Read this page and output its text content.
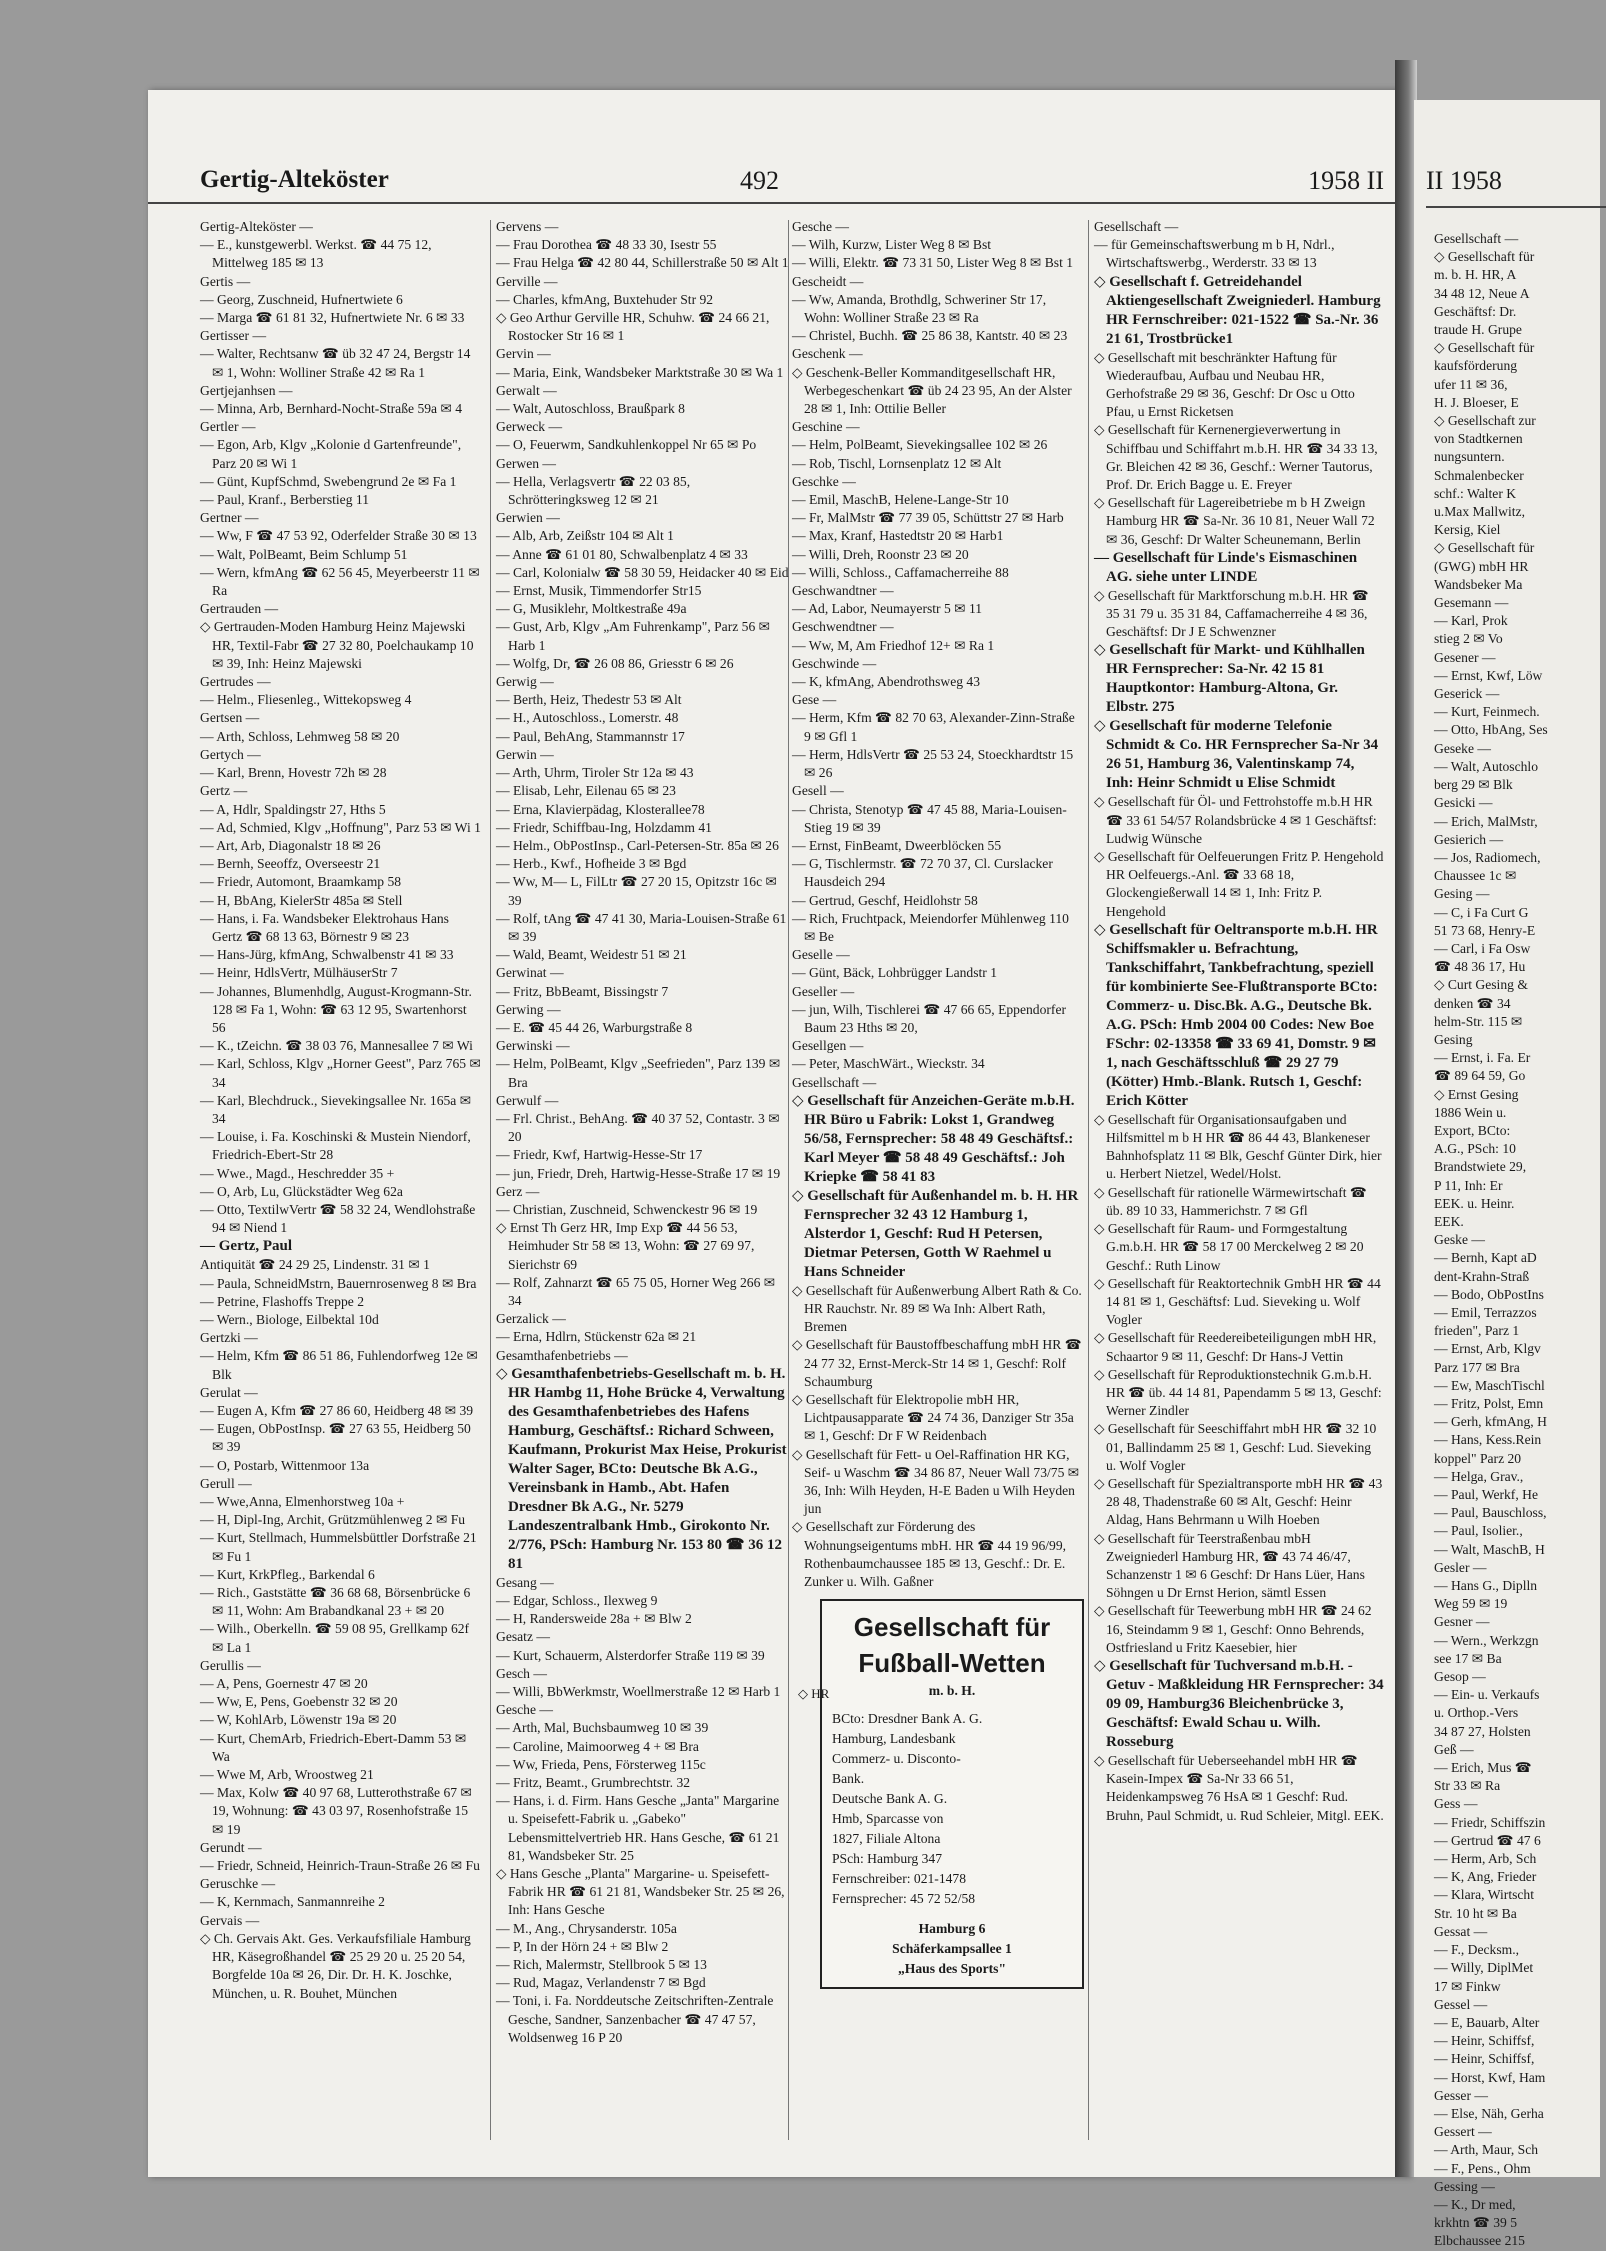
Gertig-Alteköster	492	1958 II

Gertig-Alteköster —

— E., kunstgewerbl. Werkst. ☎ 44 75 12, Mittelweg 185 ✉ 13

Gertis —

— Georg, Zuschneid, Hufnertwiete 6

— Marga ☎ 61 81 32, Hufnertwiete Nr. 6 ✉ 33

Gertisser —

— Walter, Rechtsanw ☎ üb 32 47 24, Bergstr 14 ✉ 1, Wohn: Wolliner Straße 42 ✉ Ra 1

Gertjejanhsen —

— Minna, Arb, Bernhard-Nocht-Straße 59a ✉ 4

Gertler —

— Egon, Arb, Klgv „Kolonie d Gartenfreunde", Parz 20 ✉ Wi 1

— Günt, KupfSchmd, Swebengrund 2e ✉ Fa 1

— Paul, Kranf., Berberstieg 11

Gertner —

— Ww, F ☎ 47 53 92, Oderfelder Straße 30 ✉ 13

— Walt, PolBeamt, Beim Schlump 51

— Wern, kfmAng ☎ 62 56 45, Meyerbeerstr 11 ✉ Ra

Gertrauden —

◇ Gertrauden-Moden Hamburg Heinz Majewski HR, Textil-Fabr ☎ 27 32 80, Poelchaukamp 10 ✉ 39, Inh: Heinz Majewski

Gertrudes —

— Helm., Fliesenleg., Wittekopsweg 4

Gertsen —

— Arth, Schloss, Lehmweg 58 ✉ 20

Gertych —

— Karl, Brenn, Hovestr 72h ✉ 28

Gertz —

— A, Hdlr, Spaldingstr 27, Hths 5

— Ad, Schmied, Klgv „Hoffnung", Parz 53 ✉ Wi 1

— Art, Arb, Diagonalstr 18 ✉ 26

— Bernh, Seeoffz, Overseestr 21

— Friedr, Automont, Braamkamp 58

— H, BbAng, KielerStr 485a ✉ Stell

— Hans, i. Fa. Wandsbeker Elektrohaus Hans Gertz ☎ 68 13 63, Börnestr 9 ✉ 23

— Hans-Jürg, kfmAng, Schwalbenstr 41 ✉ 33

— Heinr, HdlsVertr, MülhäuserStr 7

— Johannes, Blumenhdlg, August-Krogmann-Str. 128 ✉ Fa 1, Wohn: ☎ 63 12 95, Swartenhorst 56

— K., tZeichn. ☎ 38 03 76, Mannesallee 7 ✉ Wi

— Karl, Schloss, Klgv „Horner Geest", Parz 765 ✉ 34

— Karl, Blechdruck., Sievekingsallee Nr. 165a ✉ 34

— Louise, i. Fa. Koschinski & Mustein Niendorf, Friedrich-Ebert-Str 28

— Wwe., Magd., Heschredder 35 +

— O, Arb, Lu, Glückstädter Weg 62a

— Otto, TextilwVertr ☎ 58 32 24, Wendlohstraße 94 ✉ Niend 1

— Gertz, Paul

Antiquität ☎ 24 29 25, Lindenstr. 31 ✉ 1

— Paula, SchneidMstrn, Bauernrosenweg 8 ✉ Bra

— Petrine, Flashoffs Treppe 2

— Wern., Biologe, Eilbektal 10d

Gertzki —

— Helm, Kfm ☎ 86 51 86, Fuhlendorfweg 12e ✉ Blk

Gerulat —

— Eugen A, Kfm ☎ 27 86 60, Heidberg 48 ✉ 39

— Eugen, ObPostInsp. ☎ 27 63 55, Heidberg 50 ✉ 39

— O, Postarb, Wittenmoor 13a

Gerull —

— Wwe,Anna, Elmenhorstweg 10a +

— H, Dipl-Ing, Archit, Grützmühlenweg 2 ✉ Fu

— Kurt, Stellmach, Hummelsbüttler Dorfstraße 21 ✉ Fu 1

— Kurt, KrkPfleg., Barkendal 6

— Rich., Gaststätte ☎ 36 68 68, Börsenbrücke 6 ✉ 11, Wohn: Am Brabandkanal 23 + ✉ 20

— Wilh., Oberkelln. ☎ 59 08 95, Grellkamp 62f ✉ La 1

Gerullis —

— A, Pens, Goernestr 47 ✉ 20

— Ww, E, Pens, Goebenstr 32 ✉ 20

— W, KohlArb, Löwenstr 19a ✉ 20

— Kurt, ChemArb, Friedrich-Ebert-Damm 53 ✉ Wa

— Wwe M, Arb, Wroostweg 21

— Max, Kolw ☎ 40 97 68, Lutterothstraße 67 ✉ 19, Wohnung: ☎ 43 03 97, Rosenhofstraße 15 ✉ 19

Gerundt —

— Friedr, Schneid, Heinrich-Traun-Straße 26 ✉ Fu

Geruschke —

— K, Kernmach, Sanmannreihe 2

Gervais —

◇ Ch. Gervais Akt. Ges. Verkaufsfiliale Hamburg HR, Käsegroßhandel ☎ 25 29 20 u. 25 20 54, Borgfelde 10a ✉ 26, Dir. Dr. H. K. Joschke, München, u. R. Bouhet, München

Gervens —

— Frau Dorothea ☎ 48 33 30, Isestr 55

— Frau Helga ☎ 42 80 44, Schillerstraße 50 ✉ Alt 1

Gerville —

— Charles, kfmAng, Buxtehuder Str 92

◇ Geo Arthur Gerville HR, Schuhw. ☎ 24 66 21, Rostocker Str 16 ✉ 1

Gervin —

— Maria, Eink, Wandsbeker Marktstraße 30 ✉ Wa 1

Gerwalt —

— Walt, Autoschloss, Braußpark 8

Gerweck —

— O, Feuerwm, Sandkuhlenkoppel Nr 65 ✉ Po

Gerwen —

— Hella, Verlagsvertr ☎ 22 03 85, Schrötteringksweg 12 ✉ 21

Gerwien —

— Alb, Arb, Zeißstr 104 ✉ Alt 1

— Anne ☎ 61 01 80, Schwalbenplatz 4 ✉ 33

— Carl, Kolonialw ☎ 58 30 59, Heidacker 40 ✉ Eid

— Ernst, Musik, Timmendorfer Str15

— G, Musiklehr, Moltkestraße 49a

— Gust, Arb, Klgv „Am Fuhrenkamp", Parz 56 ✉ Harb 1

— Wolfg, Dr, ☎ 26 08 86, Griesstr 6 ✉ 26

Gerwig —

— Berth, Heiz, Thedestr 53 ✉ Alt

— H., Autoschloss., Lomerstr. 48

— Paul, BehAng, Stammannstr 17

Gerwin —

— Arth, Uhrm, Tiroler Str 12a ✉ 43

— Elisab, Lehr, Eilenau 65 ✉ 23

— Erna, Klavierpädag, Klosterallee78

— Friedr, Schiffbau-Ing, Holzdamm 41

— Helm., ObPostInsp., Carl-Petersen-Str. 85a ✉ 26

— Herb., Kwf., Hofheide 3 ✉ Bgd

— Ww, M— L, FilLtr ☎ 27 20 15, Opitzstr 16c ✉ 39

— Rolf, tAng ☎ 47 41 30, Maria-Louisen-Straße 61 ✉ 39

— Wald, Beamt, Weidestr 51 ✉ 21

Gerwinat —

— Fritz, BbBeamt, Bissingstr 7

Gerwing —

— E. ☎ 45 44 26, Warburgstraße 8

Gerwinski —

— Helm, PolBeamt, Klgv „Seefrieden", Parz 139 ✉ Bra

Gerwulf —

— Frl. Christ., BehAng. ☎ 40 37 52, Contastr. 3 ✉ 20

— Friedr, Kwf, Hartwig-Hesse-Str 17

— jun, Friedr, Dreh, Hartwig-Hesse-Straße 17 ✉ 19

Gerz —

— Christian, Zuschneid, Schwenckestr 96 ✉ 19

◇ Ernst Th Gerz HR, Imp Exp ☎ 44 56 53, Heimhuder Str 58 ✉ 13, Wohn: ☎ 27 69 97, Sierichstr 69

— Rolf, Zahnarzt ☎ 65 75 05, Horner Weg 266 ✉ 34

Gerzalick —

— Erna, Hdlrn, Stückenstr 62a ✉ 21

Gesamthafenbetriebs —

◇ Gesamthafenbetriebs-Gesellschaft m. b. H. HR Hambg 11, Hohe Brücke 4, Verwaltung des Gesamthafenbetriebes des Hafens Hamburg, Geschäftsf.: Richard Schween, Kaufmann, Prokurist Max Heise, Prokurist Walter Sager, BCto: Deutsche Bk A.G., Vereinsbank in Hamb., Abt. Hafen Dresdner Bk A.G., Nr. 5279 Landeszentralbank Hmb., Girokonto Nr. 2/776, PSch: Hamburg Nr. 153 80 ☎ 36 12 81

Gesang —

— Edgar, Schloss., Ilexweg 9

— H, Randersweide 28a + ✉ Blw 2

Gesatz —

— Kurt, Schauerm, Alsterdorfer Straße 119 ✉ 39

Gesch —

— Willi, BbWerkmstr, Woellmerstraße 12 ✉ Harb 1

Gesche —

— Arth, Mal, Buchsbaumweg 10 ✉ 39

— Caroline, Maimoorweg 4 + ✉ Bra

— Ww, Frieda, Pens, Försterweg 115c

— Fritz, Beamt., Grumbrechtstr. 32

— Hans, i. d. Firm. Hans Gesche „Janta" Margarine u. Speisefett-Fabrik u. „Gabeko" Lebensmittelvertrieb HR. Hans Gesche, ☎ 61 21 81, Wandsbeker Str. 25

◇ Hans Gesche „Planta" Margarine- u. Speisefett-Fabrik HR ☎ 61 21 81, Wandsbeker Str. 25 ✉ 26, Inh: Hans Gesche

— M., Ang., Chrysanderstr. 105a

— P, In der Hörn 24 + ✉ Blw 2

— Rich, Malermstr, Stellbrook 5 ✉ 13

— Rud, Magaz, Verlandenstr 7 ✉ Bgd

— Toni, i. Fa. Norddeutsche Zeitschriften-Zentrale Gesche, Sandner, Sanzenbacher ☎ 47 47 57, Woldsenweg 16 P 20

Gesche —

— Wilh, Kurzw, Lister Weg 8 ✉ Bst

— Willi, Elektr. ☎ 73 31 50, Lister Weg 8 ✉ Bst 1

Gescheidt —

— Ww, Amanda, Brothdlg, Schweriner Str 17, Wohn: Wolliner Straße 23 ✉ Ra

— Christel, Buchh. ☎ 25 86 38, Kantstr. 40 ✉ 23

Geschenk —

◇ Geschenk-Beller Kommanditgesellschaft HR, Werbegeschenkart ☎ üb 24 23 95, An der Alster 28 ✉ 1, Inh: Ottilie Beller

Geschine —

— Helm, PolBeamt, Sievekingsallee 102 ✉ 26

— Rob, Tischl, Lornsenplatz 12 ✉ Alt

Geschke —

— Emil, MaschB, Helene-Lange-Str 10

— Fr, MalMstr ☎ 77 39 05, Schüttstr 27 ✉ Harb

— Max, Kranf, Hastedtstr 20 ✉ Harb1

— Willi, Dreh, Roonstr 23 ✉ 20

— Willi, Schloss., Caffamacherreihe 88

Geschwandtner —

— Ad, Labor, Neumayerstr 5 ✉ 11

Geschwendtner —

— Ww, M, Am Friedhof 12+ ✉ Ra 1

Geschwinde —

— K, kfmAng, Abendrothsweg 43

Gese —

— Herm, Kfm ☎ 82 70 63, Alexander-Zinn-Straße 9 ✉ Gfl 1

— Herm, HdlsVertr ☎ 25 53 24, Stoeckhardtstr 15 ✉ 26

Gesell —

— Christa, Stenotyp ☎ 47 45 88, Maria-Louisen-Stieg 19 ✉ 39

— Ernst, FinBeamt, Dweerblöcken 55

— G, Tischlermstr. ☎ 72 70 37, Cl. Curslacker Hausdeich 294

— Gertrud, Geschf, Heidlohstr 58

— Rich, Fruchtpack, Meiendorfer Mühlenweg 110 ✉ Be

Geselle —

— Günt, Bäck, Lohbrügger Landstr 1

Geseller —

— jun, Wilh, Tischlerei ☎ 47 66 65, Eppendorfer Baum 23 Hths ✉ 20,

Gesellgen —

— Peter, MaschWärt., Wieckstr. 34

Gesellschaft —

◇ Gesellschaft für Anzeichen-Geräte m.b.H. HR Büro u Fabrik: Lokst 1, Grandweg 56/58, Fernsprecher: 58 48 49 Geschäftsf.: Karl Meyer ☎ 58 48 49 Geschäftsf.: Joh Kriepke ☎ 58 41 83

◇ Gesellschaft für Außenhandel m. b. H. HR Fernsprecher 32 43 12 Hamburg 1, Alsterdor 1, Geschf: Rud H Petersen, Dietmar Petersen, Gotth W Raehmel u Hans Schneider

◇ Gesellschaft für Außenwerbung Albert Rath & Co. HR Rauchstr. Nr. 89 ✉ Wa Inh: Albert Rath, Bremen

◇ Gesellschaft für Baustoffbeschaffung mbH HR ☎ 24 77 32, Ernst-Merck-Str 14 ✉ 1, Geschf: Rolf Schaumburg

◇ Gesellschaft für Elektropolie mbH HR, Lichtpausapparate ☎ 24 74 36, Danziger Str 35a ✉ 1, Geschf: Dr F W Reidenbach

◇ Gesellschaft für Fett- u Oel-Raffination HR KG, Seif- u Waschm ☎ 34 86 87, Neuer Wall 73/75 ✉ 36, Inh: Wilh Heyden, H-E Baden u Wilh Heyden jun

◇ Gesellschaft zur Förderung des Wohnungseigentums mbH. HR ☎ 44 19 96/99, Rothenbaumchaussee 185 ✉ 13, Geschf.: Dr. E. Zunker u. Wilh. Gaßner

Gesellschaft für
Fußball-Wetten
m. b. H.
BCto: Dresdner Bank A. G.
Hamburg, Landesbank
Commerz- u. Disconto-
Bank.
Deutsche Bank A. G.
Hmb, Sparcasse von
1827, Filiale Altona
PSch: Hamburg 347
Fernschreiber: 021-1478
Fernsprecher: 45 72 52/58
Hamburg 6
Schäferkampsallee 1
„Haus des Sports"

Gesellschaft —

— für Gemeinschaftswerbung m b H, Ndrl., Wirtschaftswerbg., Werderstr. 33 ✉ 13

◇ Gesellschaft f. Getreidehandel Aktiengesellschaft Zweigniederl. Hamburg HR Fernschreiber: 021-1522 ☎ Sa.-Nr. 36 21 61, Trostbrücke1

◇ Gesellschaft mit beschränkter Haftung für Wiederaufbau, Aufbau und Neubau HR, Gerhofstraße 29 ✉ 36, Geschf: Dr Osc u Otto Pfau, u Ernst Ricketsen

◇ Gesellschaft für Kernenergieverwertung in Schiffbau und Schiffahrt m.b.H. HR ☎ 34 33 13, Gr. Bleichen 42 ✉ 36, Geschf.: Werner Tautorus, Prof. Dr. Erich Bagge u. E. Freyer

◇ Gesellschaft für Lagereibetriebe m b H Zweign Hamburg HR ☎ Sa-Nr. 36 10 81, Neuer Wall 72 ✉ 36, Geschf: Dr Walter Scheunemann, Berlin

— Gesellschaft für Linde's Eismaschinen AG. siehe unter LINDE

◇ Gesellschaft für Marktforschung m.b.H. HR ☎ 35 31 79 u. 35 31 84, Caffamacherreihe 4 ✉ 36, Geschäftsf: Dr J E Schwenzner

◇ Gesellschaft für Markt- und Kühlhallen HR Fernsprecher: Sa-Nr. 42 15 81 Hauptkontor: Hamburg-Altona, Gr. Elbstr. 275

◇ Gesellschaft für moderne Telefonie Schmidt & Co. HR Fernsprecher Sa-Nr 34 26 51, Hamburg 36, Valentinskamp 74, Inh: Heinr Schmidt u Elise Schmidt

◇ Gesellschaft für Öl- und Fettrohstoffe m.b.H HR ☎ 33 61 54/57 Rolandsbrücke 4 ✉ 1 Geschäftsf: Ludwig Wünsche

◇ Gesellschaft für Oelfeuerungen Fritz P. Hengehold HR Oelfeuergs.-Anl. ☎ 33 68 18, Glockengießerwall 14 ✉ 1, Inh: Fritz P. Hengehold

◇ Gesellschaft für Oeltransporte m.b.H. HR Schiffsmakler u. Befrachtung, Tankschiffahrt, Tankbefrachtung, speziell für kombinierte See-Flußtransporte BCto: Commerz- u. Disc.Bk. A.G., Deutsche Bk. A.G. PSch: Hmb 2004 00 Codes: New Boe FSchr: 02-13358 ☎ 33 69 41, Domstr. 9 ✉ 1, nach Geschäftsschluß ☎ 29 27 79 (Kötter) Hmb.-Blank. Rutsch 1, Geschf: Erich Kötter

◇ Gesellschaft für Organisationsaufgaben und Hilfsmittel m b H HR ☎ 86 44 43, Blankeneser Bahnhofsplatz 11 ✉ Blk, Geschf Günter Dirk, hier u. Herbert Nietzel, Wedel/Holst.

◇ Gesellschaft für rationelle Wärmewirtschaft ☎ üb. 89 10 33, Hammerichstr. 7 ✉ Gfl

◇ Gesellschaft für Raum- und Formgestaltung G.m.b.H. HR ☎ 58 17 00 Merckelweg 2 ✉ 20 Geschf.: Ruth Linow

◇ Gesellschaft für Reaktortechnik GmbH HR ☎ 44 14 81 ✉ 1, Geschäftsf: Lud. Sieveking u. Wolf Vogler

◇ Gesellschaft für Reedereibeteiligungen mbH HR, Schaartor 9 ✉ 11, Geschf: Dr Hans-J Vettin

◇ Gesellschaft für Reproduktionstechnik G.m.b.H. HR ☎ üb. 44 14 81, Papendamm 5 ✉ 13, Geschf: Werner Zindler

◇ Gesellschaft für Seeschiffahrt mbH HR ☎ 32 10 01, Ballindamm 25 ✉ 1, Geschf: Lud. Sieveking u. Wolf Vogler

◇ Gesellschaft für Spezialtransporte mbH HR ☎ 43 28 48, Thadenstraße 60 ✉ Alt, Geschf: Heinr Aldag, Hans Behrmann u Wilh Hoeben

◇ Gesellschaft für Teerstraßenbau mbH Zweigniederl Hamburg HR, ☎ 43 74 46/47, Schanzenstr 1 ✉ 6 Geschf: Dr Hans Lüer, Hans Söhngen u Dr Ernst Herion, sämtl Essen

◇ Gesellschaft für Teewerbung mbH HR ☎ 24 62 16, Steindamm 9 ✉ 1, Geschf: Onno Behrends, Ostfriesland u Fritz Kaesebier, hier

◇ Gesellschaft für Tuchversand m.b.H. - Getuv - Maßkleidung HR Fernsprecher: 34 09 09, Hamburg36 Bleichenbrücke 3, Geschäftsf: Ewald Schau u. Wilh. Rosseburg

◇ Gesellschaft für Ueberseehandel mbH HR ☎ Kasein-Impex ☎ Sa-Nr 33 66 51, Heidenkampsweg 76 HsA ✉ 1 Geschf: Rud. Bruhn, Paul Schmidt, u. Rud Schleier, Mitgl. EEK.

◇ HR
II 1958

Gesellschaft —

◇ Gesellschaft für

m. b. H. HR, A

34 48 12, Neue A

Geschäftsf: Dr.

traude H. Grupe

◇ Gesellschaft für

kaufsförderung

ufer 11 ✉ 36,

H. J. Bloeser, E

◇ Gesellschaft zur

von Stadtkernen

nungsuntern.

Schmalenbecker

schf.: Walter K

u.Max Mallwitz,

Kersig, Kiel

◇ Gesellschaft für

(GWG) mbH HR

Wandsbeker Ma

Gesemann —

— Karl, Prok

stieg 2 ✉ Vo

Gesener —

— Ernst, Kwf, Löw

Geserick —

— Kurt, Feinmech.

— Otto, HbAng, Ses

Geseke —

— Walt, Autoschlo

berg 29 ✉ Blk

Gesicki —

— Erich, MalMstr,

Gesierich —

— Jos, Radiomech,

Chaussee 1c ✉

Gesing —

— C, i Fa Curt G

51 73 68, Henry-E

— Carl, i Fa Osw

☎ 48 36 17, Hu

◇ Curt Gesing &

denken ☎ 34

helm-Str. 115 ✉

Gesing

— Ernst, i. Fa. Er

☎ 89 64 59, Go

◇ Ernst Gesing

1886 Wein u.

Export, BCto:

A.G., PSch: 10

Brandstwiete 29,

P 11, Inh: Er

EEK. u. Heinr.

EEK.

Geske —

— Bernh, Kapt aD

dent-Krahn-Straß

— Bodo, ObPostIns

— Emil, Terrazzos

frieden", Parz 1

— Ernst, Arb, Klgv

Parz 177 ✉ Bra

— Ew, MaschTischl

— Fritz, Polst, Emn

— Gerh, kfmAng, H

— Hans, Kess.Rein

koppel" Parz 20

— Helga, Grav.,

— Paul, Werkf, He

— Paul, Bauschloss,

— Paul, Isolier.,

— Walt, MaschB, H

Gesler —

— Hans G., Diplln

Weg 59 ✉ 19

Gesner —

— Wern., Werkzgn

see 17 ✉ Ba

Gesop —

— Ein- u. Verkaufs

u. Orthop.-Vers

34 87 27, Holsten

Geß —

— Erich, Mus ☎

Str 33 ✉ Ra

Gess —

— Friedr, Schiffszin

— Gertrud ☎ 47 6

— Herm, Arb, Sch

— K, Ang, Frieder

— Klara, Wirtscht

Str. 10 ht ✉ Ba

Gessat —

— F., Decksm.,

— Willy, DiplMet

17 ✉ Finkw

Gessel —

— E, Bauarb, Alter

— Heinr, Schiffsf,

— Heinr, Schiffsf,

— Horst, Kwf, Ham

Gesser —

— Else, Näh, Gerha

Gessert —

— Arth, Maur, Sch

— F., Pens., Ohm

Gessing —

— K., Dr med,

krkhtn ☎ 39 5

Elbchaussee 215
